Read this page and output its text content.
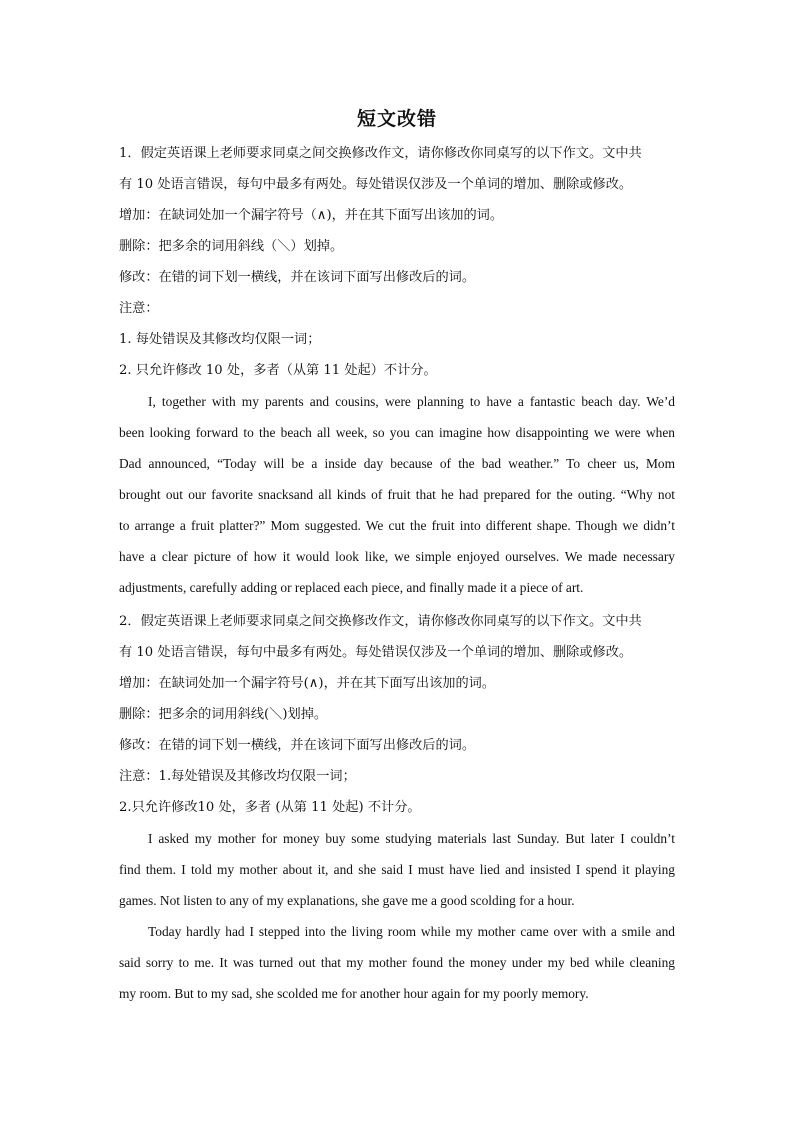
短文改错
1．假定英语课上老师要求同桌之间交换修改作文，请你修改你同桌写的以下作文。文中共
有 10 处语言错误，每句中最多有两处。每处错误仅涉及一个单词的增加、删除或修改。
增加：在缺词处加一个漏字符号（∧)，并在其下面写出该加的词。
删除：把多余的词用斜线（＼）划掉。
修改：在错的词下划一横线，并在该词下面写出修改后的词。
注意：
1. 每处错误及其修改均仅限一词；
2. 只允许修改 10 处，多者（从第 11 处起）不计分。
I, together with my parents and cousins, were planning to have a fantastic beach day. We’d
been looking forward to the beach all week, so you can imagine how disappointing we were when
Dad announced, “Today will be a inside day because of the bad weather.” To cheer us, Mom
brought out our favorite snacksand all kinds of fruit that he had prepared for the outing. “Why not
to arrange a fruit platter?” Mom suggested. We cut the fruit into different shape. Though we didn’t
have a clear picture of how it would look like, we simple enjoyed ourselves. We made necessary
adjustments, carefully adding or replaced each piece, and finally made it a piece of art.
2．假定英语课上老师要求同桌之间交换修改作文，请你修改你同桌写的以下作文。文中共
有 10 处语言错误，每句中最多有两处。每处错误仅涉及一个单词的增加、删除或修改。
增加：在缺词处加一个漏字符号(∧)，并在其下面写出该加的词。
删除：把多余的词用斜线(＼)划掉。
修改：在错的词下划一横线，并在该词下面写出修改后的词。
注意：1.每处错误及其修改均仅限一词；
2.只允许修改10 处，多者 (从第 11 处起) 不计分。
I asked my mother for money buy some studying materials last Sunday. But later I couldn’t
find them. I told my mother about it, and she said I must have lied and insisted I spend it playing
games. Not listen to any of my explanations, she gave me a good scolding for a hour.
Today hardly had I stepped into the living room while my mother came over with a smile and
said sorry to me. It was turned out that my mother found the money under my bed while cleaning
my room. But to my sad, she scolded me for another hour again for my poorly memory.
